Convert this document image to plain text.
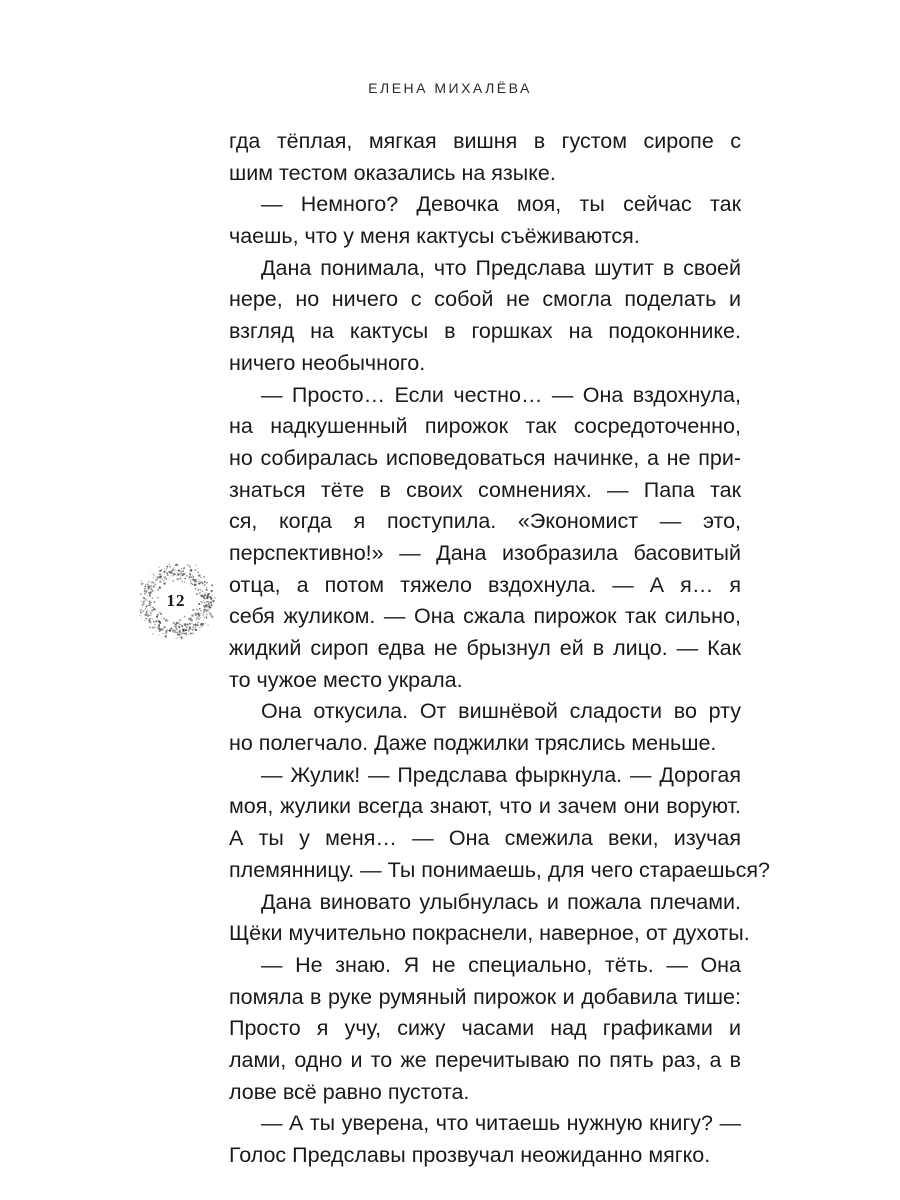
ЕЛЕНА МИХАЛЁВА
12
гда тёплая, мягкая вишня в густом сиропе с
шим тестом оказались на языке.
— Немного? Девочка моя, ты сейчас так
чаешь, что у меня кактусы съёживаются.
Дана понимала, что Предслава шутит в своей
нере, но ничего с собой не смогла поделать и
взгляд на кактусы в горшках на подоконнике.
ничего необычного.
— Просто… Если честно… — Она вздохнула,
на надкушенный пирожок так сосредоточенно,
но собиралась исповедоваться начинке, а не при-
знаться тёте в своих сомнениях. — Папа так
ся, когда я поступила. «Экономист — это,
перспективно!» — Дана изобразила басовитый
отца, а потом тяжело вздохнула. — А я… я
себя жуликом. — Она сжала пирожок так сильно,
жидкий сироп едва не брызнул ей в лицо. — Как
то чужое место украла.
Она откусила. От вишнёвой сладости во рту
но полегчало. Даже поджилки тряслись меньше.
— Жулик! — Предслава фыркнула. — Дорогая
моя, жулики всегда знают, что и зачем они воруют.
А ты у меня… — Она смежила веки, изучая
племянницу. — Ты понимаешь, для чего стараешься?
Дана виновато улыбнулась и пожала плечами.
Щёки мучительно покраснели, наверное, от духоты.
— Не знаю. Я не специально, тёть. — Она
помяла в руке румяный пирожок и добавила тише:
Просто я учу, сижу часами над графиками и
лами, одно и то же перечитываю по пять раз, а в
лове всё равно пустота.
— А ты уверена, что читаешь нужную книгу? —
Голос Предславы прозвучал неожиданно мягко.
